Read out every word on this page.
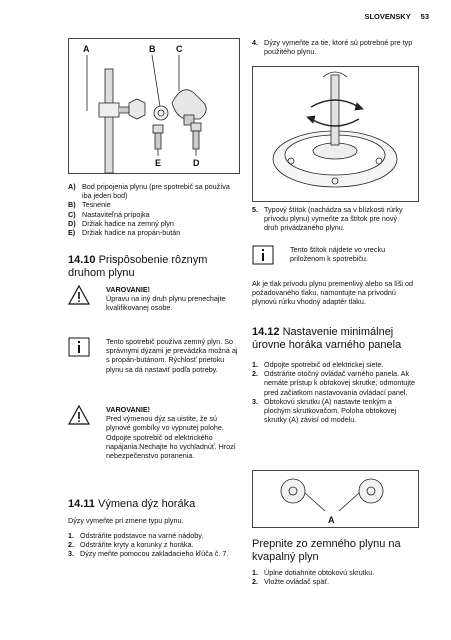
SLOVENSKY 53
A	B C
E	D
A) Bod pripojenia plynu (pre spotrebič sa používa iba jeden bod)
B) Tesnenie
C) Nastaviteľná prípojka
D) Držiak hadice na zemný plyn
E) Držiak hadice na propán-bután
14.10 Prispôsobenie rôznym druhom plynu
VAROVANIE!
Úpravu na iný druh plynu prenechajte kvalifikovanej osobe.
Tento spotrebič používa zemný plyn. So správnymi dýzami je prevádzka možná aj s propán-butánom. Rýchlosť prietoku plynu sa dá nastaviť podľa potreby.
VAROVANIE!
Pred výmenou dýz sa uistite, že sú plynové gombíky vo vypnutej polohe. Odpojte spotrebič od elektrického napájania.Nechajte ho vychladnúť. Hrozí nebezpečenstvo poranenia.
14.11 Výmena dýz horáka
Dýzy vymeňte pri zmene typu plynu.
1. Odstráňte podstavce na varné nádoby.
2. Odstráňte kryty a korunky z horáka.
3. Dýzy meňte pomocou zakladacieho kľúča č. 7.
4. Dýzy vymeňte za tie, ktoré sú potrebné pre typ použitého plynu.
5. Typový štítok (nachádza sa v blízkosti rúrky prívodu plynu) vymeňte za štítok pre nový druh privádzaného plynu.
Tento štítok nájdete vo vrecku priloženom k spotrebiču.
Ak je tlak prívodu plynu premenlivý alebo sa líši od požadovaného tlaku, namontujte na prívodnú plynovú rúrku vhodný adaptér tlaku.
14.12 Nastavenie minimálnej úrovne horáka varného panela
1. Odpojte spotrebič od elektrickej siete.
2. Odstráňte otočný ovládač varného panela. Ak nemáte prístup k obtokovej skrutke, odmontujte pred začiatkom nastavovania ovládací panel.
3. Obtokovú skrutku (A) nastavte tenkým a plochým skrutkovačom. Poloha obtokovej skrutky (A) závisí od modelu.
A
Prepnite zo zemného plynu na kvapalný plyn
1. Úplne dotiahnite obtokovú skrutku.
2. Vložte ovládač späť.
